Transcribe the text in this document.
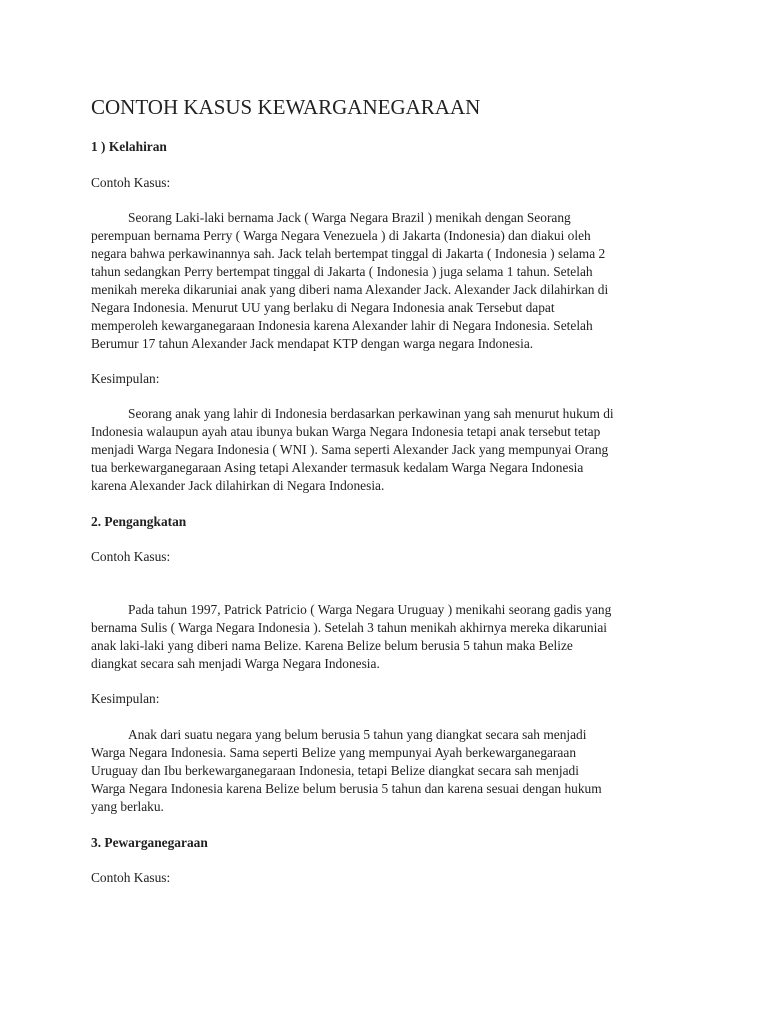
CONTOH KASUS KEWARGANEGARAAN
1 ) Kelahiran
Contoh Kasus:
Seorang Laki-laki bernama Jack ( Warga Negara Brazil ) menikah dengan Seorang
perempuan bernama Perry ( Warga Negara Venezuela ) di Jakarta (Indonesia) dan diakui oleh
negara bahwa perkawinannya sah. Jack telah bertempat tinggal di Jakarta ( Indonesia ) selama 2
tahun sedangkan Perry bertempat tinggal di Jakarta ( Indonesia ) juga selama 1 tahun. Setelah
menikah mereka dikaruniai anak yang diberi nama Alexander Jack. Alexander Jack dilahirkan di
Negara Indonesia. Menurut UU yang berlaku di Negara Indonesia anak Tersebut dapat
memperoleh kewarganegaraan Indonesia karena Alexander lahir di Negara Indonesia. Setelah
Berumur 17 tahun Alexander Jack mendapat KTP dengan warga negara Indonesia.
Kesimpulan:
Seorang anak yang lahir di Indonesia berdasarkan perkawinan yang sah menurut hukum di
Indonesia walaupun ayah atau ibunya bukan Warga Negara Indonesia tetapi anak tersebut tetap
menjadi Warga Negara Indonesia ( WNI ). Sama seperti Alexander Jack yang mempunyai Orang
tua berkewarganegaraan Asing tetapi Alexander termasuk kedalam Warga Negara Indonesia
karena Alexander Jack dilahirkan di Negara Indonesia.
2. Pengangkatan
Contoh Kasus:
Pada tahun 1997, Patrick Patricio ( Warga Negara Uruguay ) menikahi seorang gadis yang
bernama Sulis ( Warga Negara Indonesia ). Setelah 3 tahun menikah akhirnya mereka dikaruniai
anak laki-laki yang diberi nama Belize. Karena Belize belum berusia 5 tahun maka Belize
diangkat secara sah menjadi Warga Negara Indonesia.
Kesimpulan:
Anak dari suatu negara yang belum berusia 5 tahun yang diangkat secara sah menjadi
Warga Negara Indonesia. Sama seperti Belize yang mempunyai Ayah berkewarganegaraan
Uruguay dan Ibu berkewarganegaraan Indonesia, tetapi Belize diangkat secara sah menjadi
Warga Negara Indonesia karena Belize belum berusia 5 tahun dan karena sesuai dengan hukum
yang berlaku.
3. Pewarganegaraan
Contoh Kasus:
